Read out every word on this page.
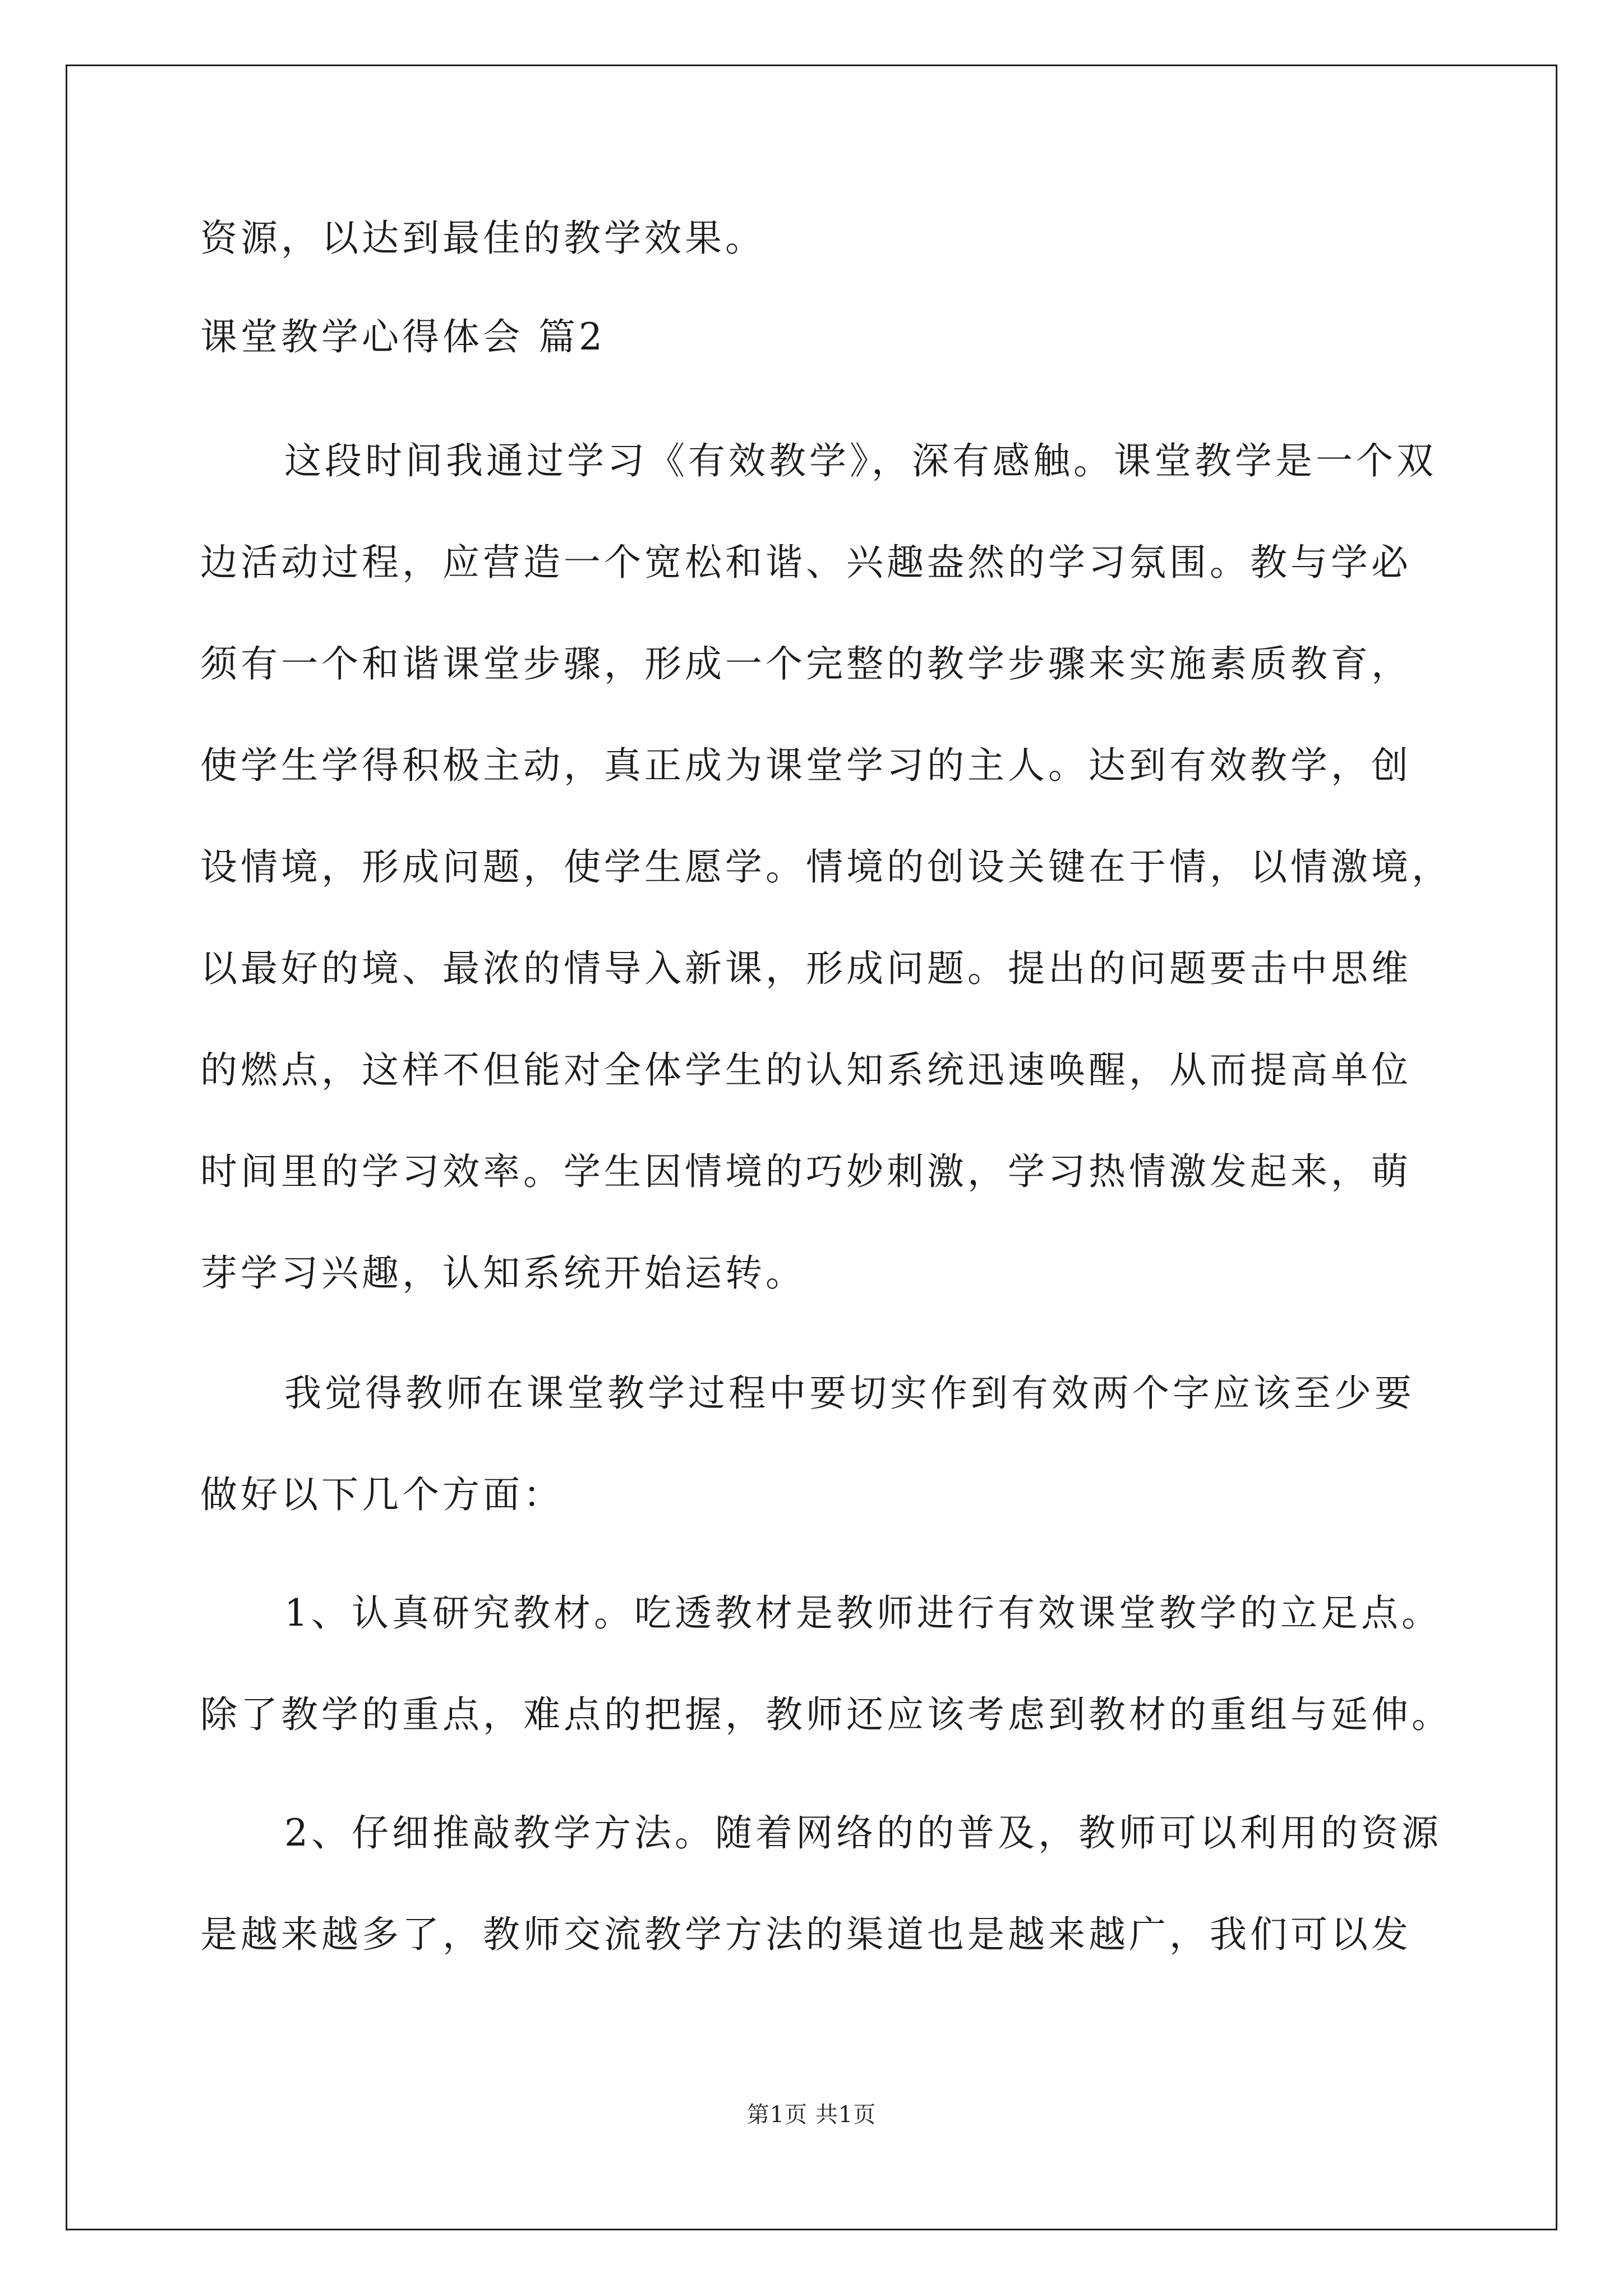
资源，以达到最佳的教学效果。
课堂教学心得体会 篇2
这段时间我通过学习《有效教学》，深有感触。课堂教学是一个双
边活动过程，应营造一个宽松和谐、兴趣盎然的学习氛围。教与学必
须有一个和谐课堂步骤，形成一个完整的教学步骤来实施素质教育，
使学生学得积极主动，真正成为课堂学习的主人。达到有效教学，创
设情境，形成问题，使学生愿学。情境的创设关键在于情，以情激境，
以最好的境、最浓的情导入新课，形成问题。提出的问题要击中思维
的燃点，这样不但能对全体学生的认知系统迅速唤醒，从而提高单位
时间里的学习效率。学生因情境的巧妙刺激，学习热情激发起来，萌
芽学习兴趣，认知系统开始运转。
我觉得教师在课堂教学过程中要切实作到有效两个字应该至少要
做好以下几个方面：
1、认真研究教材。吃透教材是教师进行有效课堂教学的立足点。
除了教学的重点，难点的把握，教师还应该考虑到教材的重组与延伸。
2、仔细推敲教学方法。随着网络的的普及，教师可以利用的资源
是越来越多了，教师交流教学方法的渠道也是越来越广，我们可以发
第1页 共1页
